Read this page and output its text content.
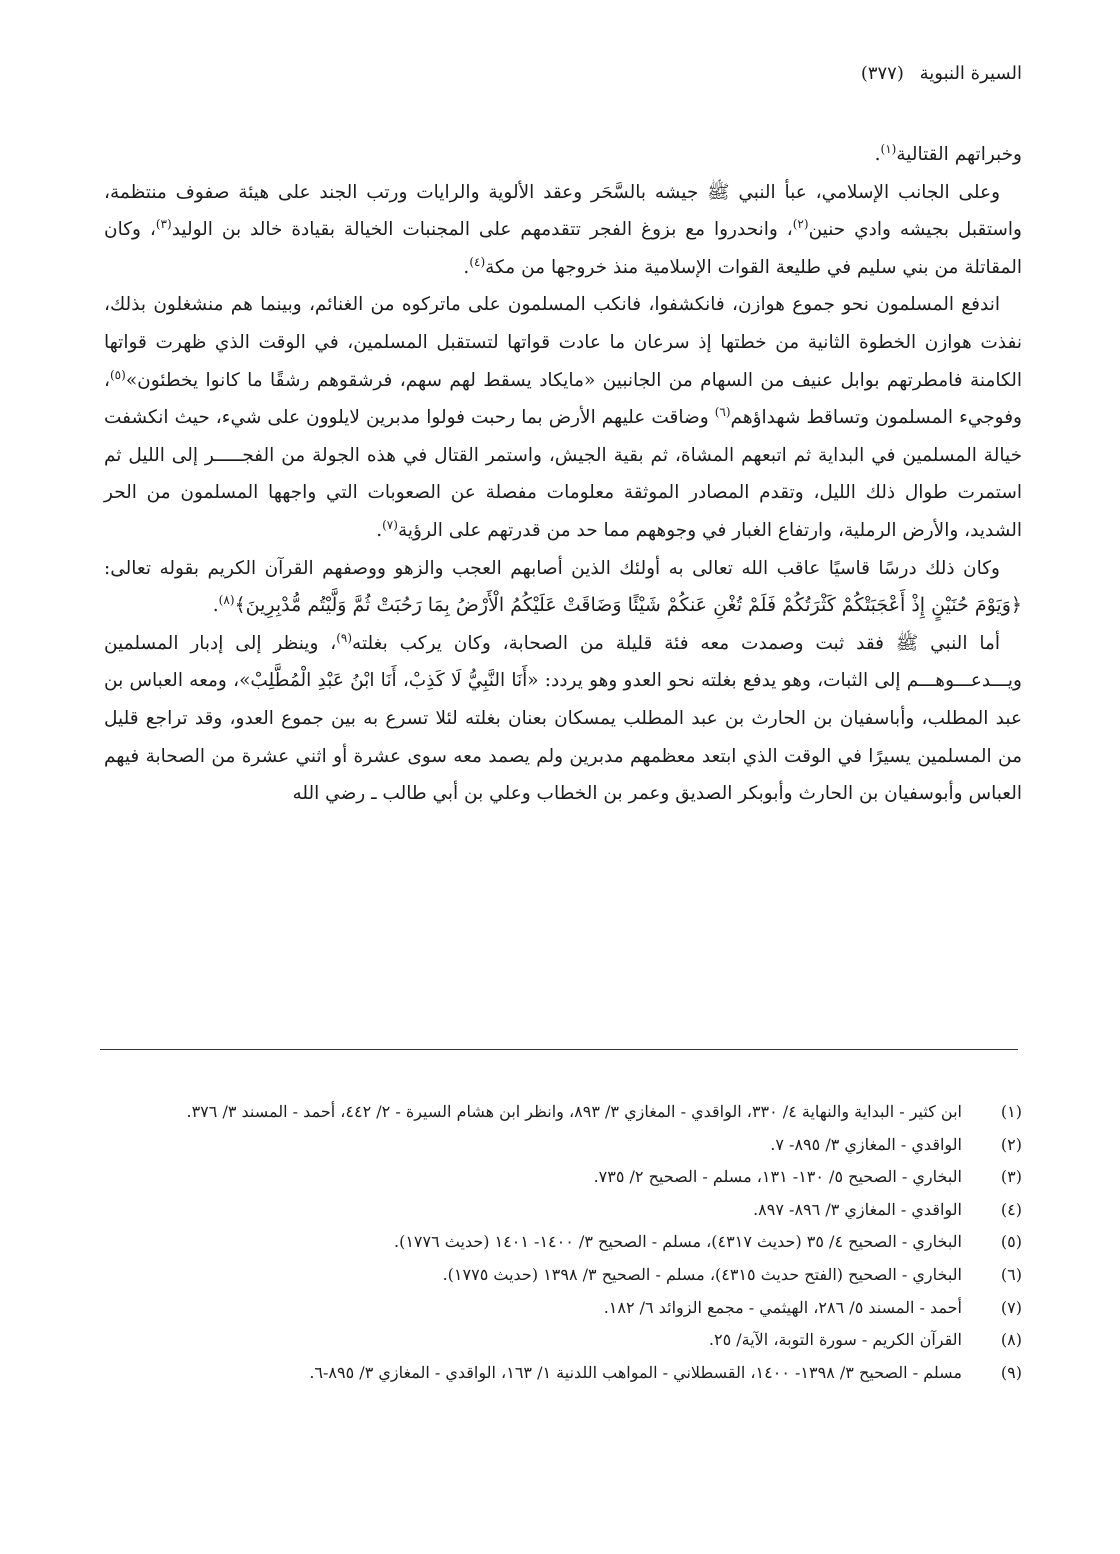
السيرة النبوية (٣٧٧)

وخبراتهم القتالية$^{(١)}$.

وعلى الجانب الإسلامي، عبأ النبي ﷺ جيشه بالسَّحَر وعقد الألوية والرايات ورتب الجند على هيئة صفوف منتظمة، واستقبل بجيشه وادي حنين$^{(٢)}$، وانحدروا مع بزوغ الفجر تتقدمهم على المجنبات الخيالة بقيادة خالد بن الوليد$^{(٣)}$، وكان المقاتلة من بني سليم في طليعة القوات الإسلامية منذ خروجها من مكة$^{(٤)}$.

اندفع المسلمون نحو جموع هوازن، فانكشفوا، فانكب المسلمون على ماتركوه من الغنائم، وبينما هم منشغلون بذلك، نفذت هوازن الخطوة الثانية من خطتها إذ سرعان ما عادت قواتها لتستقبل المسلمين، في الوقت الذي ظهرت قواتها الكامنة فامطرتهم بوابل عنيف من السهام من الجانبين «مايكاد يسقط لهم سهم، فرشقوهم رشقًا ما كانوا يخطئون»$^{(٥)}$، وفوجيء المسلمون وتساقط شهداؤهم$^{(٦)}$ وضاقت عليهم الأرض بما رحبت فولوا مدبرين لايلوون على شيء، حيث انكشفت خيالة المسلمين في البداية ثم اتبعهم المشاة، ثم بقية الجيش، واستمر القتال في هذه الجولة من الفجـــــر إلى الليل ثم استمرت طوال ذلك الليل، وتقدم المصادر الموثقة معلومات مفصلة عن الصعوبات التي واجهها المسلمون من الحر الشديد، والأرض الرملية، وارتفاع الغبار في وجوههم مما حد من قدرتهم على الرؤية$^{(٧)}$.

وكان ذلك درسًا قاسيًا عاقب الله تعالى به أولئك الذين أصابهم العجب والزهو ووصفهم القرآن الكريم بقوله تعالى: ﴿وَيَوْمَ حُنَيْنٍ إِذْ أَعْجَبَتْكُمْ كَثْرَتُكُمْ فَلَمْ تُغْنِ عَنكُمْ شَيْئًا وَضَاقَتْ عَلَيْكُمُ الْأَرْضُ بِمَا رَحُبَتْ ثُمَّ وَلَّيْتُم مُّدْبِرِينَ﴾$^{(٨)}$.

أما النبي ﷺ فقد ثبت وصمدت معه فئة قليلة من الصحابة، وكان يركب بغلته$^{(٩)}$، وينظر إلى إدبار المسلمين ويـــدعـــوهـــم إلى الثبات، وهو يدفع بغلته نحو العدو وهو يردد: «أَنَا النَّبِيُّ لَا كَذِبْ، أَنَا ابْنُ عَبْدِ الْمُطَّلِبْ»، ومعه العباس بن عبد المطلب، وأباسفيان بن الحارث بن عبد المطلب يمسكان بعنان بغلته لئلا تسرع به بين جموع العدو، وقد تراجع قليل من المسلمين يسيرًا في الوقت الذي ابتعد معظمهم مدبرين ولم يصمد معه سوى عشرة أو اثني عشرة من الصحابة فيهم العباس وأبوسفيان بن الحارث وأبوبكر الصديق وعمر بن الخطاب وعلي بن أبي طالب ـ رضي الله

(١)
ابن كثير - البداية والنهاية ٤/ ٣٣٠، الواقدي - المغازي ٣/ ٨٩٣، وانظر ابن هشام السيرة - ٢/ ٤٤٢، أحمد - المسند ٣/ ٣٧٦.
(٢)
الواقدي - المغازي ٣/ ٨٩٥- ٧.
(٣)
البخاري - الصحيح ٥/ ١٣٠- ١٣١، مسلم - الصحيح ٢/ ٧٣٥.
(٤)
الواقدي - المغازي ٣/ ٨٩٦- ٨٩٧.
(٥)
البخاري - الصحيح ٤/ ٣٥ (حديث ٤٣١٧)، مسلم - الصحيح ٣/ ١٤٠٠- ١٤٠١ (حديث ١٧٧٦).
(٦)
البخاري - الصحيح (الفتح حديث ٤٣١٥)، مسلم - الصحيح ٣/ ١٣٩٨ (حديث ١٧٧٥).
(٧)
أحمد - المسند ٥/ ٢٨٦، الهيثمي - مجمع الزوائد ٦/ ١٨٢.
(٨)
القرآن الكريم - سورة التوبة، الآية/ ٢٥.
(٩)
مسلم - الصحيح ٣/ ١٣٩٨- ١٤٠٠، القسطلاني - المواهب اللدنية ١/ ١٦٣، الواقدي - المغازي ٣/ ٨٩٥-٦.
